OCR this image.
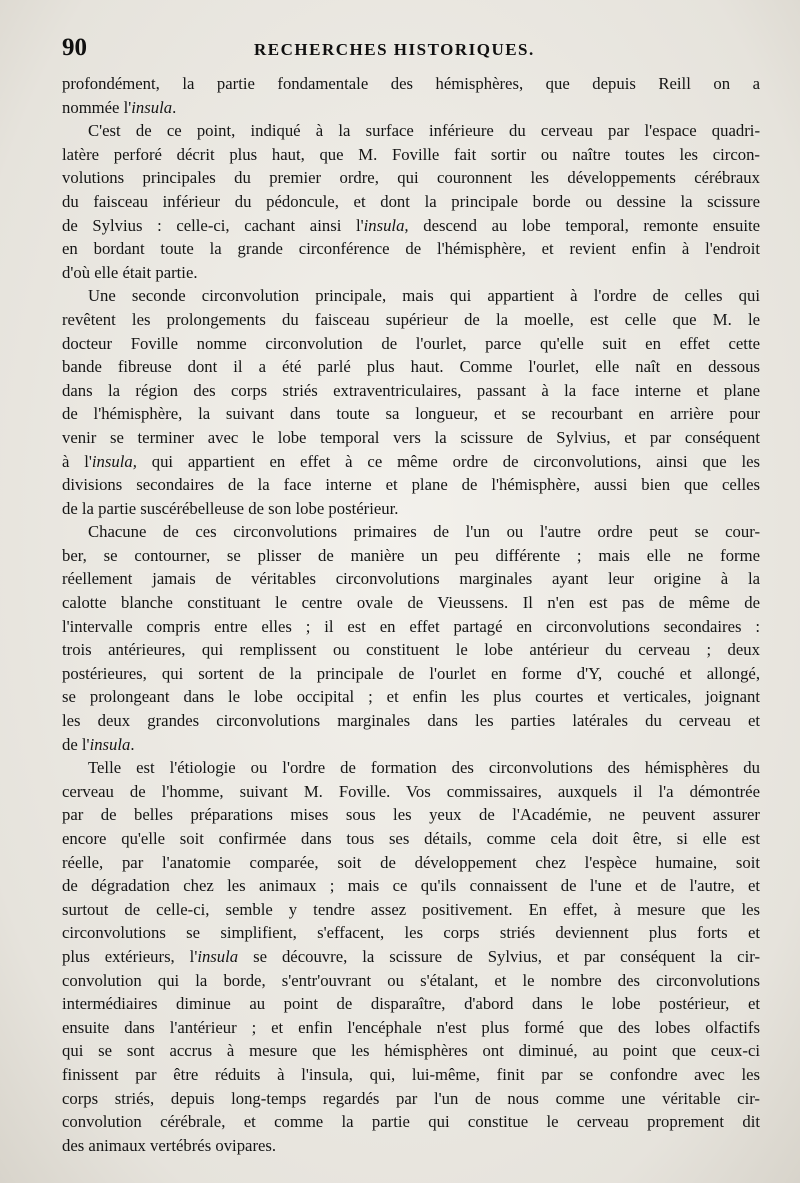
90	RECHERCHES HISTORIQUES.

profondément, la partie fondamentale des hémisphères, que depuis Reill on a
nommée l'insula.

C'est de ce point, indiqué à la surface inférieure du cerveau par l'espace quadri-
latère perforé décrit plus haut, que M. Foville fait sortir ou naître toutes les circon-
volutions principales du premier ordre, qui couronnent les développements cérébraux
du faisceau inférieur du pédoncule, et dont la principale borde ou dessine la scissure
de Sylvius : celle-ci, cachant ainsi l'insula, descend au lobe temporal, remonte ensuite
en bordant toute la grande circonférence de l'hémisphère, et revient enfin à l'endroit
d'où elle était partie.

Une seconde circonvolution principale, mais qui appartient à l'ordre de celles qui
revêtent les prolongements du faisceau supérieur de la moelle, est celle que M. le
docteur Foville nomme circonvolution de l'ourlet, parce qu'elle suit en effet cette
bande fibreuse dont il a été parlé plus haut. Comme l'ourlet, elle naît en dessous
dans la région des corps striés extraventriculaires, passant à la face interne et plane
de l'hémisphère, la suivant dans toute sa longueur, et se recourbant en arrière pour
venir se terminer avec le lobe temporal vers la scissure de Sylvius, et par conséquent
à l'insula, qui appartient en effet à ce même ordre de circonvolutions, ainsi que les
divisions secondaires de la face interne et plane de l'hémisphère, aussi bien que celles
de la partie suscérébelleuse de son lobe postérieur.

Chacune de ces circonvolutions primaires de l'un ou l'autre ordre peut se cour-
ber, se contourner, se plisser de manière un peu différente ; mais elle ne forme
réellement jamais de véritables circonvolutions marginales ayant leur origine à la
calotte blanche constituant le centre ovale de Vieussens. Il n'en est pas de même de
l'intervalle compris entre elles ; il est en effet partagé en circonvolutions secondaires :
trois antérieures, qui remplissent ou constituent le lobe antérieur du cerveau ; deux
postérieures, qui sortent de la principale de l'ourlet en forme d'Y, couché et allongé,
se prolongeant dans le lobe occipital ; et enfin les plus courtes et verticales, joignant
les deux grandes circonvolutions marginales dans les parties latérales du cerveau et
de l'insula.

Telle est l'étiologie ou l'ordre de formation des circonvolutions des hémisphères du
cerveau de l'homme, suivant M. Foville. Vos commissaires, auxquels il l'a démontrée
par de belles préparations mises sous les yeux de l'Académie, ne peuvent assurer
encore qu'elle soit confirmée dans tous ses détails, comme cela doit être, si elle est
réelle, par l'anatomie comparée, soit de développement chez l'espèce humaine, soit
de dégradation chez les animaux ; mais ce qu'ils connaissent de l'une et de l'autre, et
surtout de celle-ci, semble y tendre assez positivement. En effet, à mesure que les
circonvolutions se simplifient, s'effacent, les corps striés deviennent plus forts et
plus extérieurs, l'insula se découvre, la scissure de Sylvius, et par conséquent la cir-
convolution qui la borde, s'entr'ouvrant ou s'étalant, et le nombre des circonvolutions
intermédiaires diminue au point de disparaître, d'abord dans le lobe postérieur, et
ensuite dans l'antérieur ; et enfin l'encéphale n'est plus formé que des lobes olfactifs
qui se sont accrus à mesure que les hémisphères ont diminué, au point que ceux-ci
finissent par être réduits à l'insula, qui, lui-même, finit par se confondre avec les
corps striés, depuis long-temps regardés par l'un de nous comme une véritable cir-
convolution cérébrale, et comme la partie qui constitue le cerveau proprement dit
des animaux vertébrés ovipares.
